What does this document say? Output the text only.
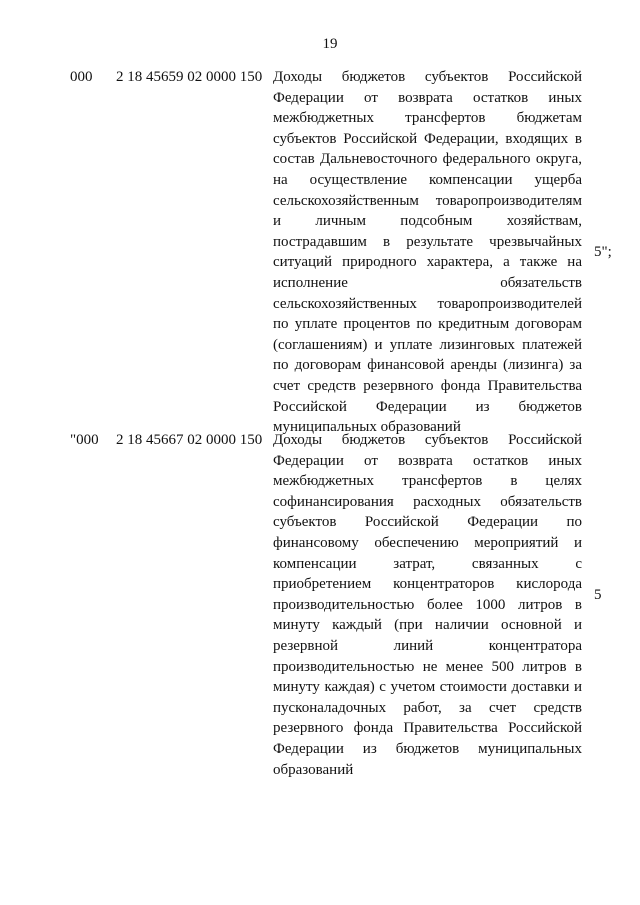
19
000	2 18 45659 02 0000 150 Доходы бюджетов субъектов Российской
Федерации от возврата остатков иных
межбюджетных трансфертов бюджетам
субъектов Российской Федерации, входящих в
состав Дальневосточного федерального округа,
на осуществление компенсации ущерба
сельскохозяйственным товаропроизводителям
и личным подсобным хозяйствам,
пострадавшим в результате чрезвычайных
ситуаций природного характера, а также на
исполнение обязательств
сельскохозяйственных товаропроизводителей
по уплате процентов по кредитным договорам
(соглашениям) и уплате лизинговых платежей
по договорам финансовой аренды (лизинга) за
счет средств резервного фонда Правительства
Российской Федерации из бюджетов
муниципальных образований
5";
"000	2 18 45667 02 0000 150 Доходы бюджетов субъектов Российской
Федерации от возврата остатков иных
межбюджетных трансфертов в целях
софинансирования расходных обязательств
субъектов Российской Федерации по
финансовому обеспечению мероприятий и
компенсации затрат, связанных с
приобретением концентраторов кислорода
производительностью более 1000 литров в
минуту каждый (при наличии основной и
резервной линий концентратора
производительностью не менее 500 литров в
минуту каждая) с учетом стоимости доставки и
пусконаладочных работ, за счет средств
резервного фонда Правительства Российской
Федерации из бюджетов муниципальных
образований
5
